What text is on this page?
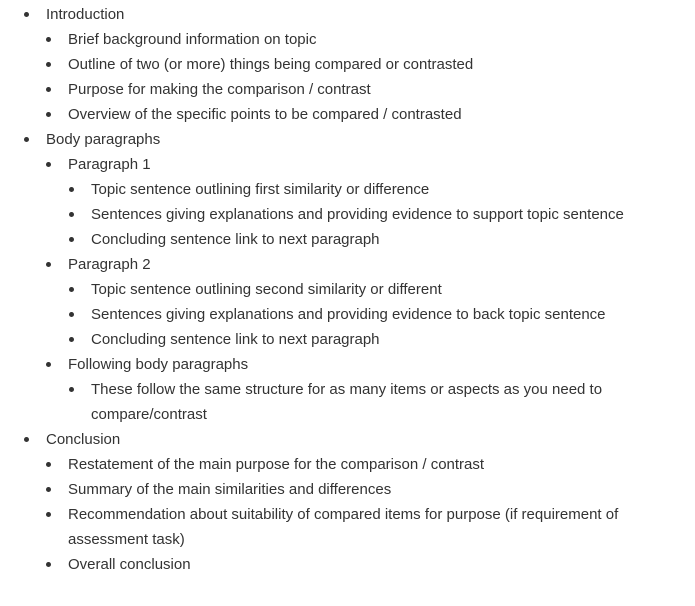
Introduction
Brief background information on topic
Outline of two (or more) things being compared or contrasted
Purpose for making the comparison / contrast
Overview of the specific points to be compared / contrasted
Body paragraphs
Paragraph 1
Topic sentence outlining first similarity or difference
Sentences giving explanations and providing evidence to support topic sentence
Concluding sentence link to next paragraph
Paragraph 2
Topic sentence outlining second similarity or different
Sentences giving explanations and providing evidence to back topic sentence
Concluding sentence link to next paragraph
Following body paragraphs
These follow the same structure for as many items or aspects as you need to compare/contrast
Conclusion
Restatement of the main purpose for the comparison / contrast
Summary of the main similarities and differences
Recommendation about suitability of compared items for purpose (if requirement of assessment task)
Overall conclusion
